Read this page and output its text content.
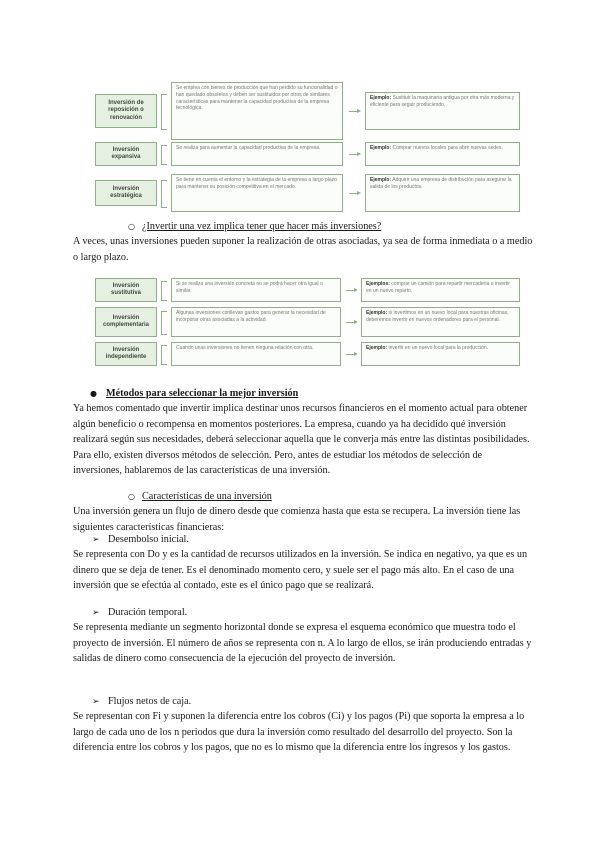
Inversión de reposición o renovación
Se emplea con bienes de producción que han perdido su funcionalidad o han quedado obsoletos y deben ser sustituidos por otros de similares características para mantener la capacidad productiva de la empresa tecnológica.
Ejemplo: Sustituir la maquinaria antigua por otra más moderna y eficiente para seguir produciendo.
Inversión expansiva
Se realiza para aumentar la capacidad productiva de la empresa.	Ejemplo: Comprar nuevos locales para abrir nuevas sedes.
Inversión estratégica
Se tiene en cuenta el entorno y la estrategia de la empresa a largo plazo para mantener su posición competitiva en el mercado.
Ejemplo: Adquirir una empresa de distribución para asegurar la salida de los productos.
○ ¿Invertir una vez implica tener que hacer más inversiones?

A veces, unas inversiones pueden suponer la realización de otras asociadas, ya sea de forma inmediata o a medio o largo plazo.

Inversión sustitutiva
Si se realiza una inversión concreta no se podrá hacer otra igual o similar.
Ejemplos: comprar un camión para repartir mercadería o invertir en un nuevo reparto.
Inversión complementaria
Algunas inversiones conllevan gastos para generar la necesidad de incorporar otras asociadas a la actividad.
Ejemplo: si invertimos en un nuevo local para nuestras oficinas, deberemos invertir en nuevos ordenadores para el personal.
Inversión independiente
Cuando unas inversiones no tienen ninguna relación con otra.	Ejemplo: invertir en un nuevo local para la producción.
● Métodos para seleccionar la mejor inversión

Ya hemos comentado que invertir implica destinar unos recursos financieros en el momento actual para obtener algún beneficio o recompensa en momentos posteriores. La empresa, cuando ya ha decidido qué inversión realizará según sus necesidades, deberá seleccionar aquella que le converja más entre las distintas posibilidades. Para ello, existen diversos métodos de selección. Pero, antes de estudiar los métodos de selección de inversiones, hablaremos de las características de una inversión.

○ Características de una inversión

Una inversión genera un flujo de dinero desde que comienza hasta que esta se recupera. La inversión tiene las siguientes características financieras:

➢ Desembolso inicial.

Se representa con Do y es la cantidad de recursos utilizados en la inversión. Se indica en negativo, ya que es un dinero que se deja de tener. Es el denominado momento cero, y suele ser el pago más alto. En el caso de una inversión que se efectúa al contado, este es el único pago que se realizará.

➢ Duración temporal.

Se representa mediante un segmento horizontal donde se expresa el esquema económico que muestra todo el proyecto de inversión. El número de años se representa con n. A lo largo de ellos, se irán produciendo entradas y salidas de dinero como consecuencia de la ejecución del proyecto de inversión.

➢ Flujos netos de caja.

Se representan con Fi y suponen la diferencia entre los cobros (Ci) y los pagos (Pi) que soporta la empresa a lo largo de cada uno de los n periodos que dura la inversión como resultado del desarrollo del proyecto. Son la diferencia entre los cobros y los pagos, que no es lo mismo que la diferencia entre los ingresos y los gastos.
